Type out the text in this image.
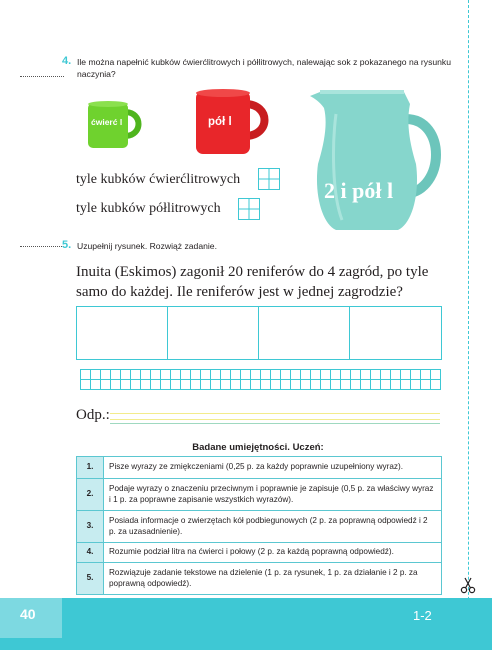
4. Ile można napełnić kubków ćwierćlitrowych i półlitrowych, nalewając sok z pokazanego na rysunku naczynia?
ćwierć l	pół l
tyle kubków ćwierćlitrowych
tyle kubków półlitrowych
2 i pół l
5. Uzupełnij rysunek. Rozwiąż zadanie.
Inuita (Eskimos) zagonił 20 reniferów do 4 zagród, po tyle samo do każdej. Ile reniferów jest w jednej zagrodzie?
Odp.:
Badane umiejętności. Uczeń:
1.	Pisze wyrazy ze zmiękczeniami (0,25 p. za każdy poprawnie uzupełniony wyraz).
2.	Podaje wyrazy o znaczeniu przeciwnym i poprawnie je zapisuje (0,5 p. za właściwy wyraz i 1 p. za poprawne zapisanie wszystkich wyrazów).
3.	Posiada informacje o zwierzętach kół podbiegunowych (2 p. za poprawną odpowiedź i 2 p. za uzasadnienie).
4.	Rozumie podział litra na ćwierci i połowy (2 p. za każdą poprawną odpowiedź).
5.	Rozwiązuje zadanie tekstowe na dzielenie (1 p. za rysunek, 1 p. za działanie i 2 p. za poprawną odpowiedź).
40	1-2
